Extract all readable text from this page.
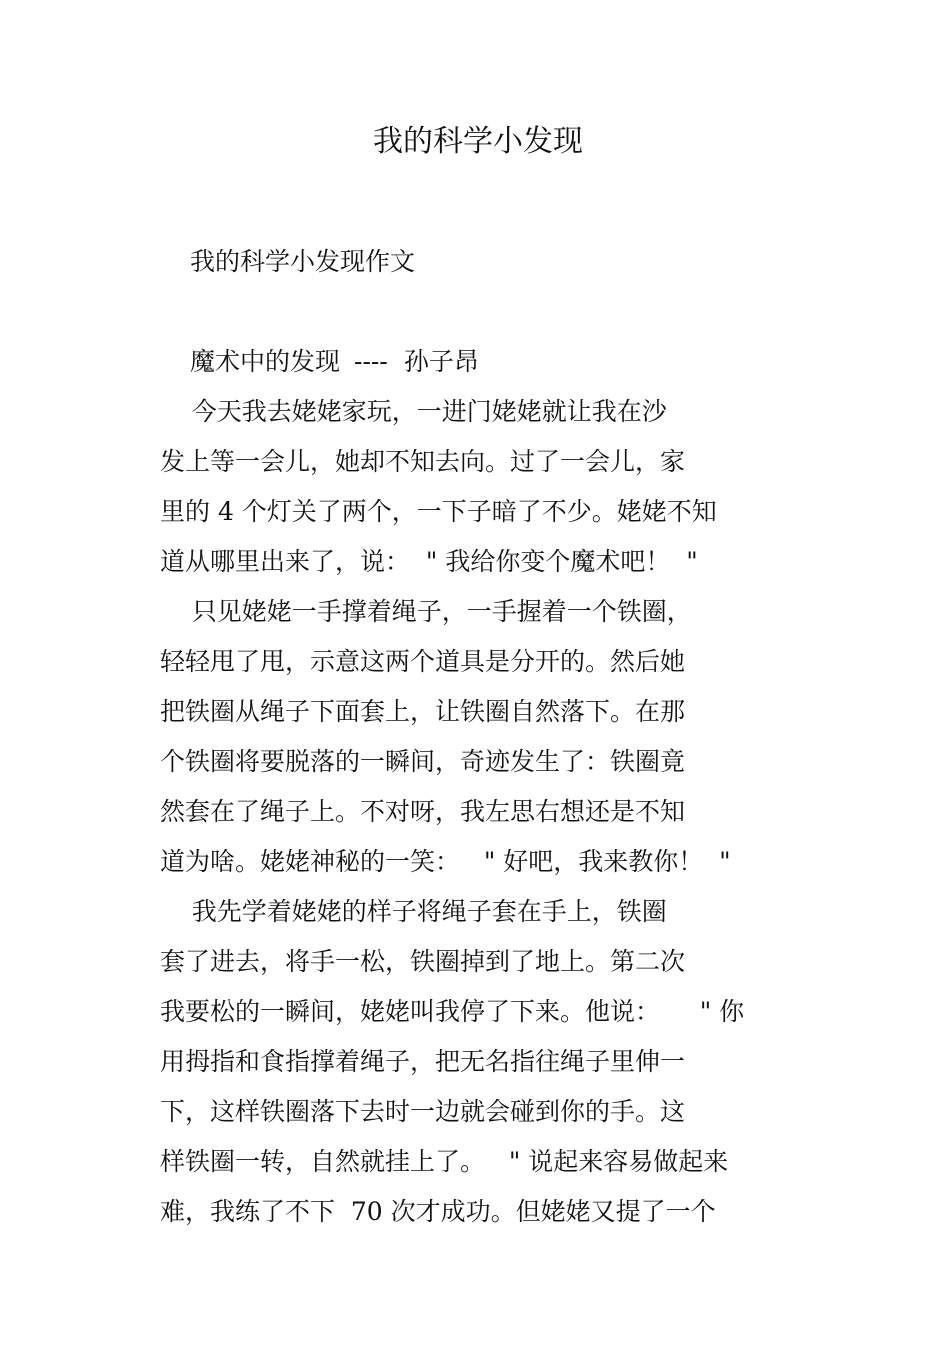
我的科学小发现
我的科学小发现作文
魔术中的发现 ---- 孙子昂
今天我去姥姥家玩，一进门姥姥就让我在沙
发上等一会儿，她却不知去向。过了一会儿，家
里的 4 个灯关了两个，一下子暗了不少。姥姥不知
道从哪里出来了，说：  " 我给你变个魔术吧！  "
只见姥姥一手撑着绳子，一手握着一个铁圈，
轻轻甩了甩，示意这两个道具是分开的。然后她
把铁圈从绳子下面套上，让铁圈自然落下。在那
个铁圈将要脱落的一瞬间，奇迹发生了：铁圈竟
然套在了绳子上。不对呀，我左思右想还是不知
道为啥。姥姥神秘的一笑：   " 好吧，我来教你！  "
我先学着姥姥的样子将绳子套在手上，铁圈
套了进去，将手一松，铁圈掉到了地上。第二次
我要松的一瞬间，姥姥叫我停了下来。他说：     " 你
用拇指和食指撑着绳子，把无名指往绳子里伸一
下，这样铁圈落下去时一边就会碰到你的手。这
样铁圈一转，自然就挂上了。   " 说起来容易做起来
难，我练了不下  70 次才成功。但姥姥又提了一个
